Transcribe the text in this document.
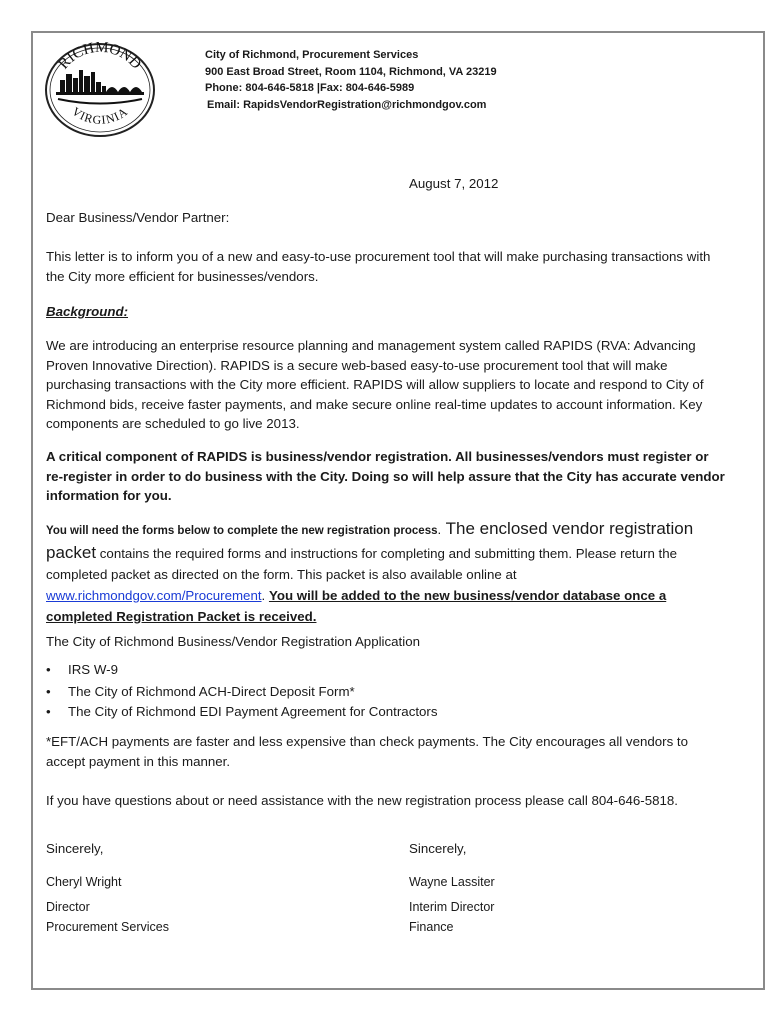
RICHMOND
VIRGINIA
City of Richmond, Procurement Services
900 East Broad Street, Room 1104, Richmond, VA 23219
Phone: 804-646-5818 |Fax: 804-646-5989
Email: RapidsVendorRegistration@richmondgov.com
August 7, 2012
Dear Business/Vendor Partner:
This letter is to inform you of a new and easy-to-use procurement tool that will make purchasing transactions with the City more efficient for businesses/vendors.
Background:
We are introducing an enterprise resource planning and management system called RAPIDS (RVA: Advancing Proven Innovative Direction). RAPIDS is a secure web-based easy-to-use procurement tool that will make purchasing transactions with the City more efficient. RAPIDS will allow suppliers to locate and respond to City of Richmond bids, receive faster payments, and make secure online real-time updates to account information. Key components are scheduled to go live 2013.
A critical component of RAPIDS is business/vendor registration. All businesses/vendors must register or re-register in order to do business with the City. Doing so will help assure that the City has accurate vendor information for you.
You will need the forms below to complete the new registration process. The enclosed vendor registration packet contains the required forms and instructions for completing and submitting them. Please return the completed packet as directed on the form. This packet is also available online at www.richmondgov.com/Procurement. You will be added to the new business/vendor database once a completed Registration Packet is received.
The City of Richmond Business/Vendor Registration Application
• IRS W-9
• The City of Richmond ACH-Direct Deposit Form*
• The City of Richmond EDI Payment Agreement for Contractors
*EFT/ACH payments are faster and less expensive than check payments. The City encourages all vendors to accept payment in this manner.
If you have questions about or need assistance with the new registration process please call 804-646-5818.
Sincerely,
Cheryl Wright
Director
Procurement Services
Sincerely,
Wayne Lassiter
Interim Director
Finance
